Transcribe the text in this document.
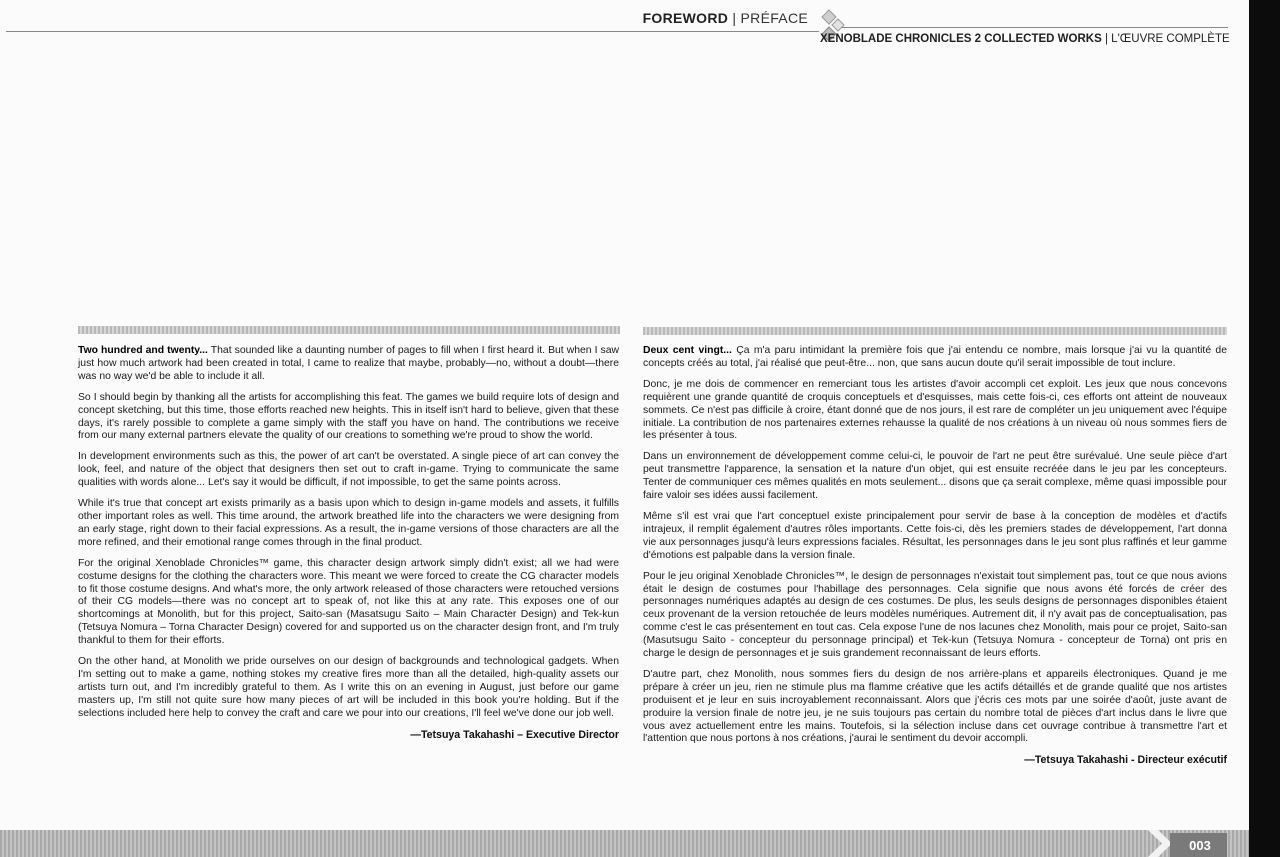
FOREWORD | PRÉFACE
XENOBLADE CHRONICLES 2 COLLECTED WORKS | L'ŒUVRE COMPLÈTE

Two hundred and twenty... That sounded like a daunting number of pages to fill when I first heard it. But when I saw just how much artwork had been created in total, I came to realize that maybe, probably—no, without a doubt—there was no way we'd be able to include it all.

So I should begin by thanking all the artists for accomplishing this feat. The games we build require lots of design and concept sketching, but this time, those efforts reached new heights. This in itself isn't hard to believe, given that these days, it's rarely possible to complete a game simply with the staff you have on hand. The contributions we receive from our many external partners elevate the quality of our creations to something we're proud to show the world.

In development environments such as this, the power of art can't be overstated. A single piece of art can convey the look, feel, and nature of the object that designers then set out to craft in-game. Trying to communicate the same qualities with words alone... Let's say it would be difficult, if not impossible, to get the same points across.

While it's true that concept art exists primarily as a basis upon which to design in-game models and assets, it fulfills other important roles as well. This time around, the artwork breathed life into the characters we were designing from an early stage, right down to their facial expressions. As a result, the in-game versions of those characters are all the more refined, and their emotional range comes through in the final product.

For the original Xenoblade Chronicles™ game, this character design artwork simply didn't exist; all we had were costume designs for the clothing the characters wore. This meant we were forced to create the CG character models to fit those costume designs. And what's more, the only artwork released of those characters were retouched versions of their CG models—there was no concept art to speak of, not like this at any rate. This exposes one of our shortcomings at Monolith, but for this project, Saito-san (Masatsugu Saito – Main Character Design) and Tek-kun (Tetsuya Nomura – Torna Character Design) covered for and supported us on the character design front, and I'm truly thankful to them for their efforts.

On the other hand, at Monolith we pride ourselves on our design of backgrounds and technological gadgets. When I'm setting out to make a game, nothing stokes my creative fires more than all the detailed, high-quality assets our artists turn out, and I'm incredibly grateful to them. As I write this on an evening in August, just before our game masters up, I'm still not quite sure how many pieces of art will be included in this book you're holding. But if the selections included here help to convey the craft and care we pour into our creations, I'll feel we've done our job well.

—Tetsuya Takahashi – Executive Director

Deux cent vingt... Ça m'a paru intimidant la première fois que j'ai entendu ce nombre, mais lorsque j'ai vu la quantité de concepts créés au total, j'ai réalisé que peut-être... non, que sans aucun doute qu'il serait impossible de tout inclure.

Donc, je me dois de commencer en remerciant tous les artistes d'avoir accompli cet exploit. Les jeux que nous concevons requièrent une grande quantité de croquis conceptuels et d'esquisses, mais cette fois-ci, ces efforts ont atteint de nouveaux sommets. Ce n'est pas difficile à croire, étant donné que de nos jours, il est rare de compléter un jeu uniquement avec l'équipe initiale. La contribution de nos partenaires externes rehausse la qualité de nos créations à un niveau où nous sommes fiers de les présenter à tous.

Dans un environnement de développement comme celui-ci, le pouvoir de l'art ne peut être surévalué. Une seule pièce d'art peut transmettre l'apparence, la sensation et la nature d'un objet, qui est ensuite recréée dans le jeu par les concepteurs. Tenter de communiquer ces mêmes qualités en mots seulement... disons que ça serait complexe, même quasi impossible pour faire valoir ses idées aussi facilement.

Même s'il est vrai que l'art conceptuel existe principalement pour servir de base à la conception de modèles et d'actifs intrajeux, il remplit également d'autres rôles importants. Cette fois-ci, dès les premiers stades de développement, l'art donna vie aux personnages jusqu'à leurs expressions faciales. Résultat, les personnages dans le jeu sont plus raffinés et leur gamme d'émotions est palpable dans la version finale.

Pour le jeu original Xenoblade Chronicles™, le design de personnages n'existait tout simplement pas, tout ce que nous avions était le design de costumes pour l'habillage des personnages. Cela signifie que nous avons été forcés de créer des personnages numériques adaptés au design de ces costumes. De plus, les seuls designs de personnages disponibles étaient ceux provenant de la version retouchée de leurs modèles numériques. Autrement dit, il n'y avait pas de conceptualisation, pas comme c'est le cas présentement en tout cas. Cela expose l'une de nos lacunes chez Monolith, mais pour ce projet, Saito-san (Masutsugu Saito - concepteur du personnage principal) et Tek-kun (Tetsuya Nomura - concepteur de Torna) ont pris en charge le design de personnages et je suis grandement reconnaissant de leurs efforts.

D'autre part, chez Monolith, nous sommes fiers du design de nos arrière-plans et appareils électroniques. Quand je me prépare à créer un jeu, rien ne stimule plus ma flamme créative que les actifs détaillés et de grande qualité que nos artistes produisent et je leur en suis incroyablement reconnaissant. Alors que j'écris ces mots par une soirée d'août, juste avant de produire la version finale de notre jeu, je ne suis toujours pas certain du nombre total de pièces d'art inclus dans le livre que vous avez actuellement entre les mains. Toutefois, si la sélection incluse dans cet ouvrage contribue à transmettre l'art et l'attention que nous portons à nos créations, j'aurai le sentiment du devoir accompli.

—Tetsuya Takahashi - Directeur exécutif
003
